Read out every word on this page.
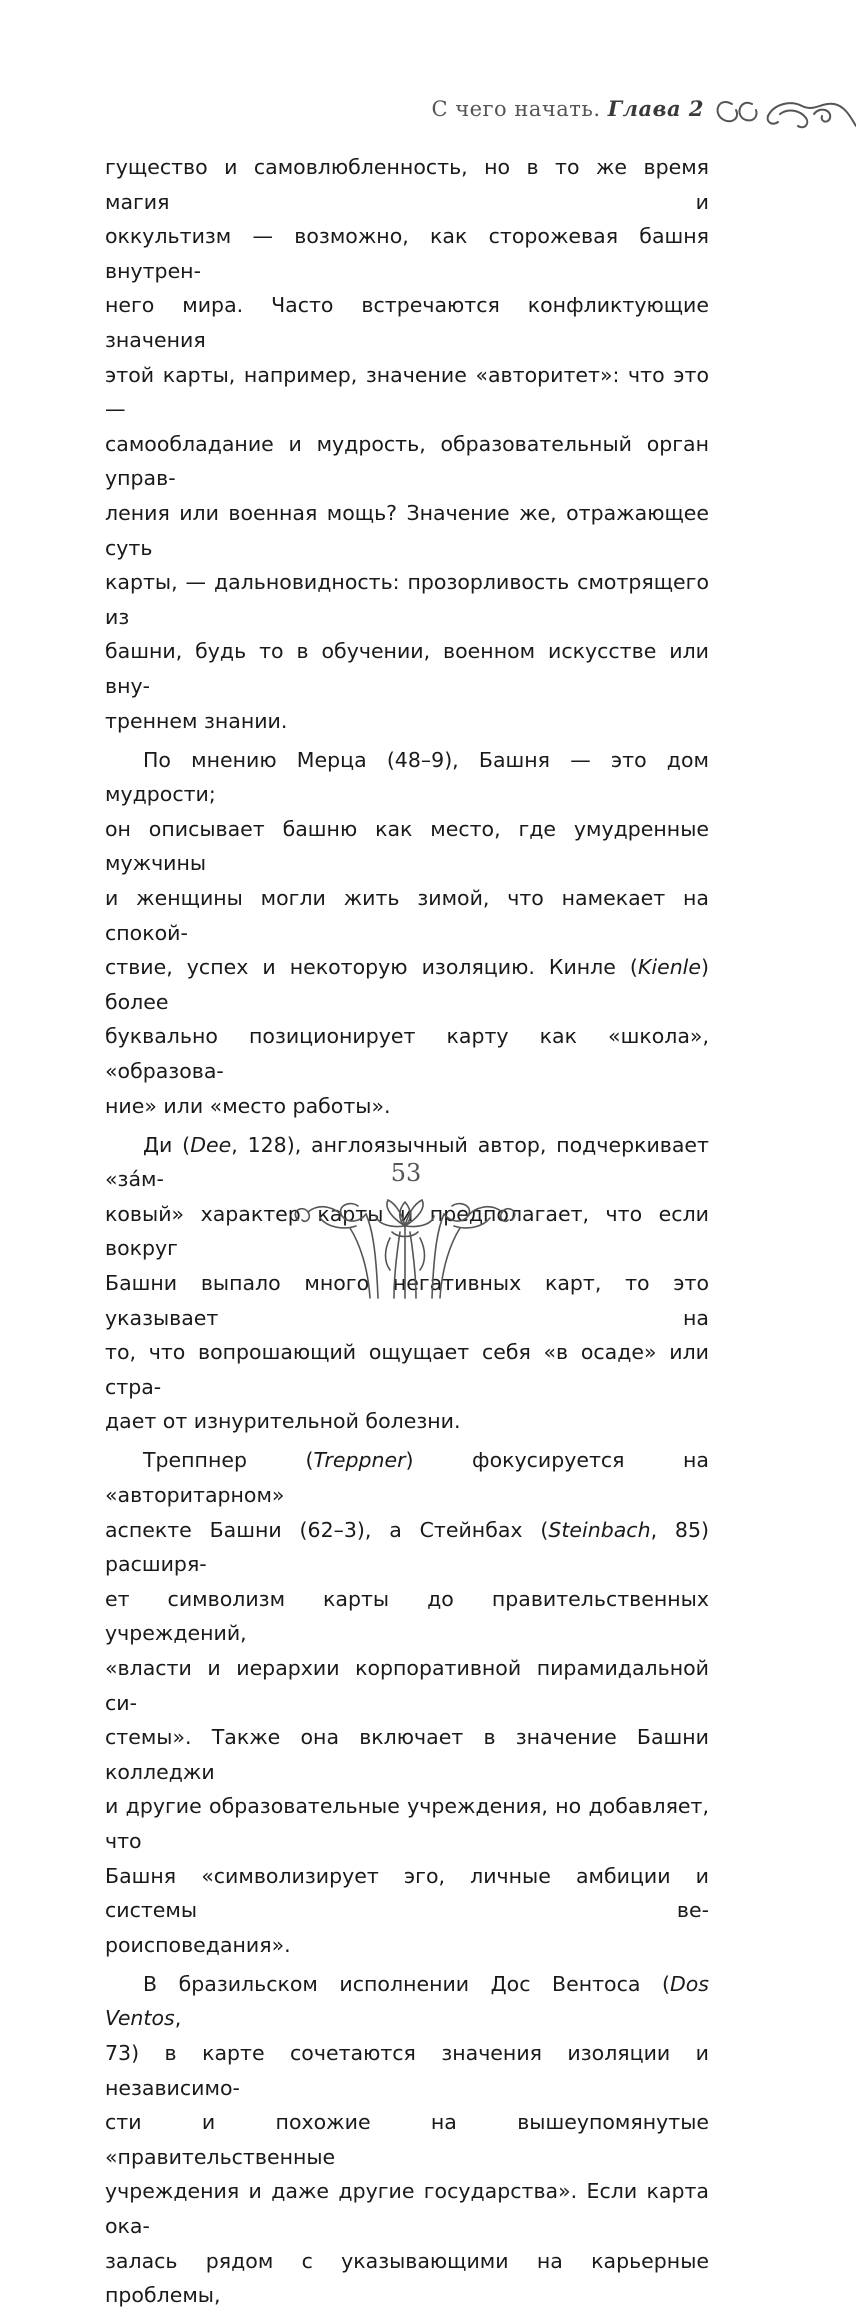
С чего начать. Глава 2

гущество и самовлюбленность, но в то же время магия и

оккультизм — возможно, как сторожевая башня внутрен-

него мира. Часто встречаются конфликтующие значения

этой карты, например, значение «авторитет»: что это —

самообладание и мудрость, образовательный орган управ-

ления или военная мощь? Значение же, отражающее суть

карты, — дальновидность: прозорливость смотрящего из

башни, будь то в обучении, военном искусстве или вну-

треннем знании.

По мнению Мерца (48–9), Башня — это дом мудрости;

он описывает башню как место, где умудренные мужчины

и женщины могли жить зимой, что намекает на спокой-

ствие, успех и некоторую изоляцию. Кинле (Kienle) более

буквально позиционирует карту как «школа», «образова-

ние» или «место работы».

Ди (Dee, 128), англоязычный автор, подчеркивает «за́м-

ковый» характер карты и предполагает, что если вокруг

Башни выпало много негативных карт, то это указывает на

то, что вопрошающий ощущает себя «в осаде» или стра-

дает от изнурительной болезни.

Треппнер (Treppner) фокусируется на «авторитарном»

аспекте Башни (62–3), а Стейнбах (Steinbach, 85) расширя-

ет символизм карты до правительственных учреждений,

«власти и иерархии корпоративной пирамидальной си-

стемы». Также она включает в значение Башни колледжи

и другие образовательные учреждения, но добавляет, что

Башня «символизирует эго, личные амбиции и системы ве-

роисповедания».

В бразильском исполнении Дос Вентоса (Dos Ventos,

73) в карте сочетаются значения изоляции и независимо-

сти и похожие на вышеупомянутые «правительственные

учреждения и даже другие государства». Если карта ока-

залась рядом с указывающими на карьерные проблемы,

53
